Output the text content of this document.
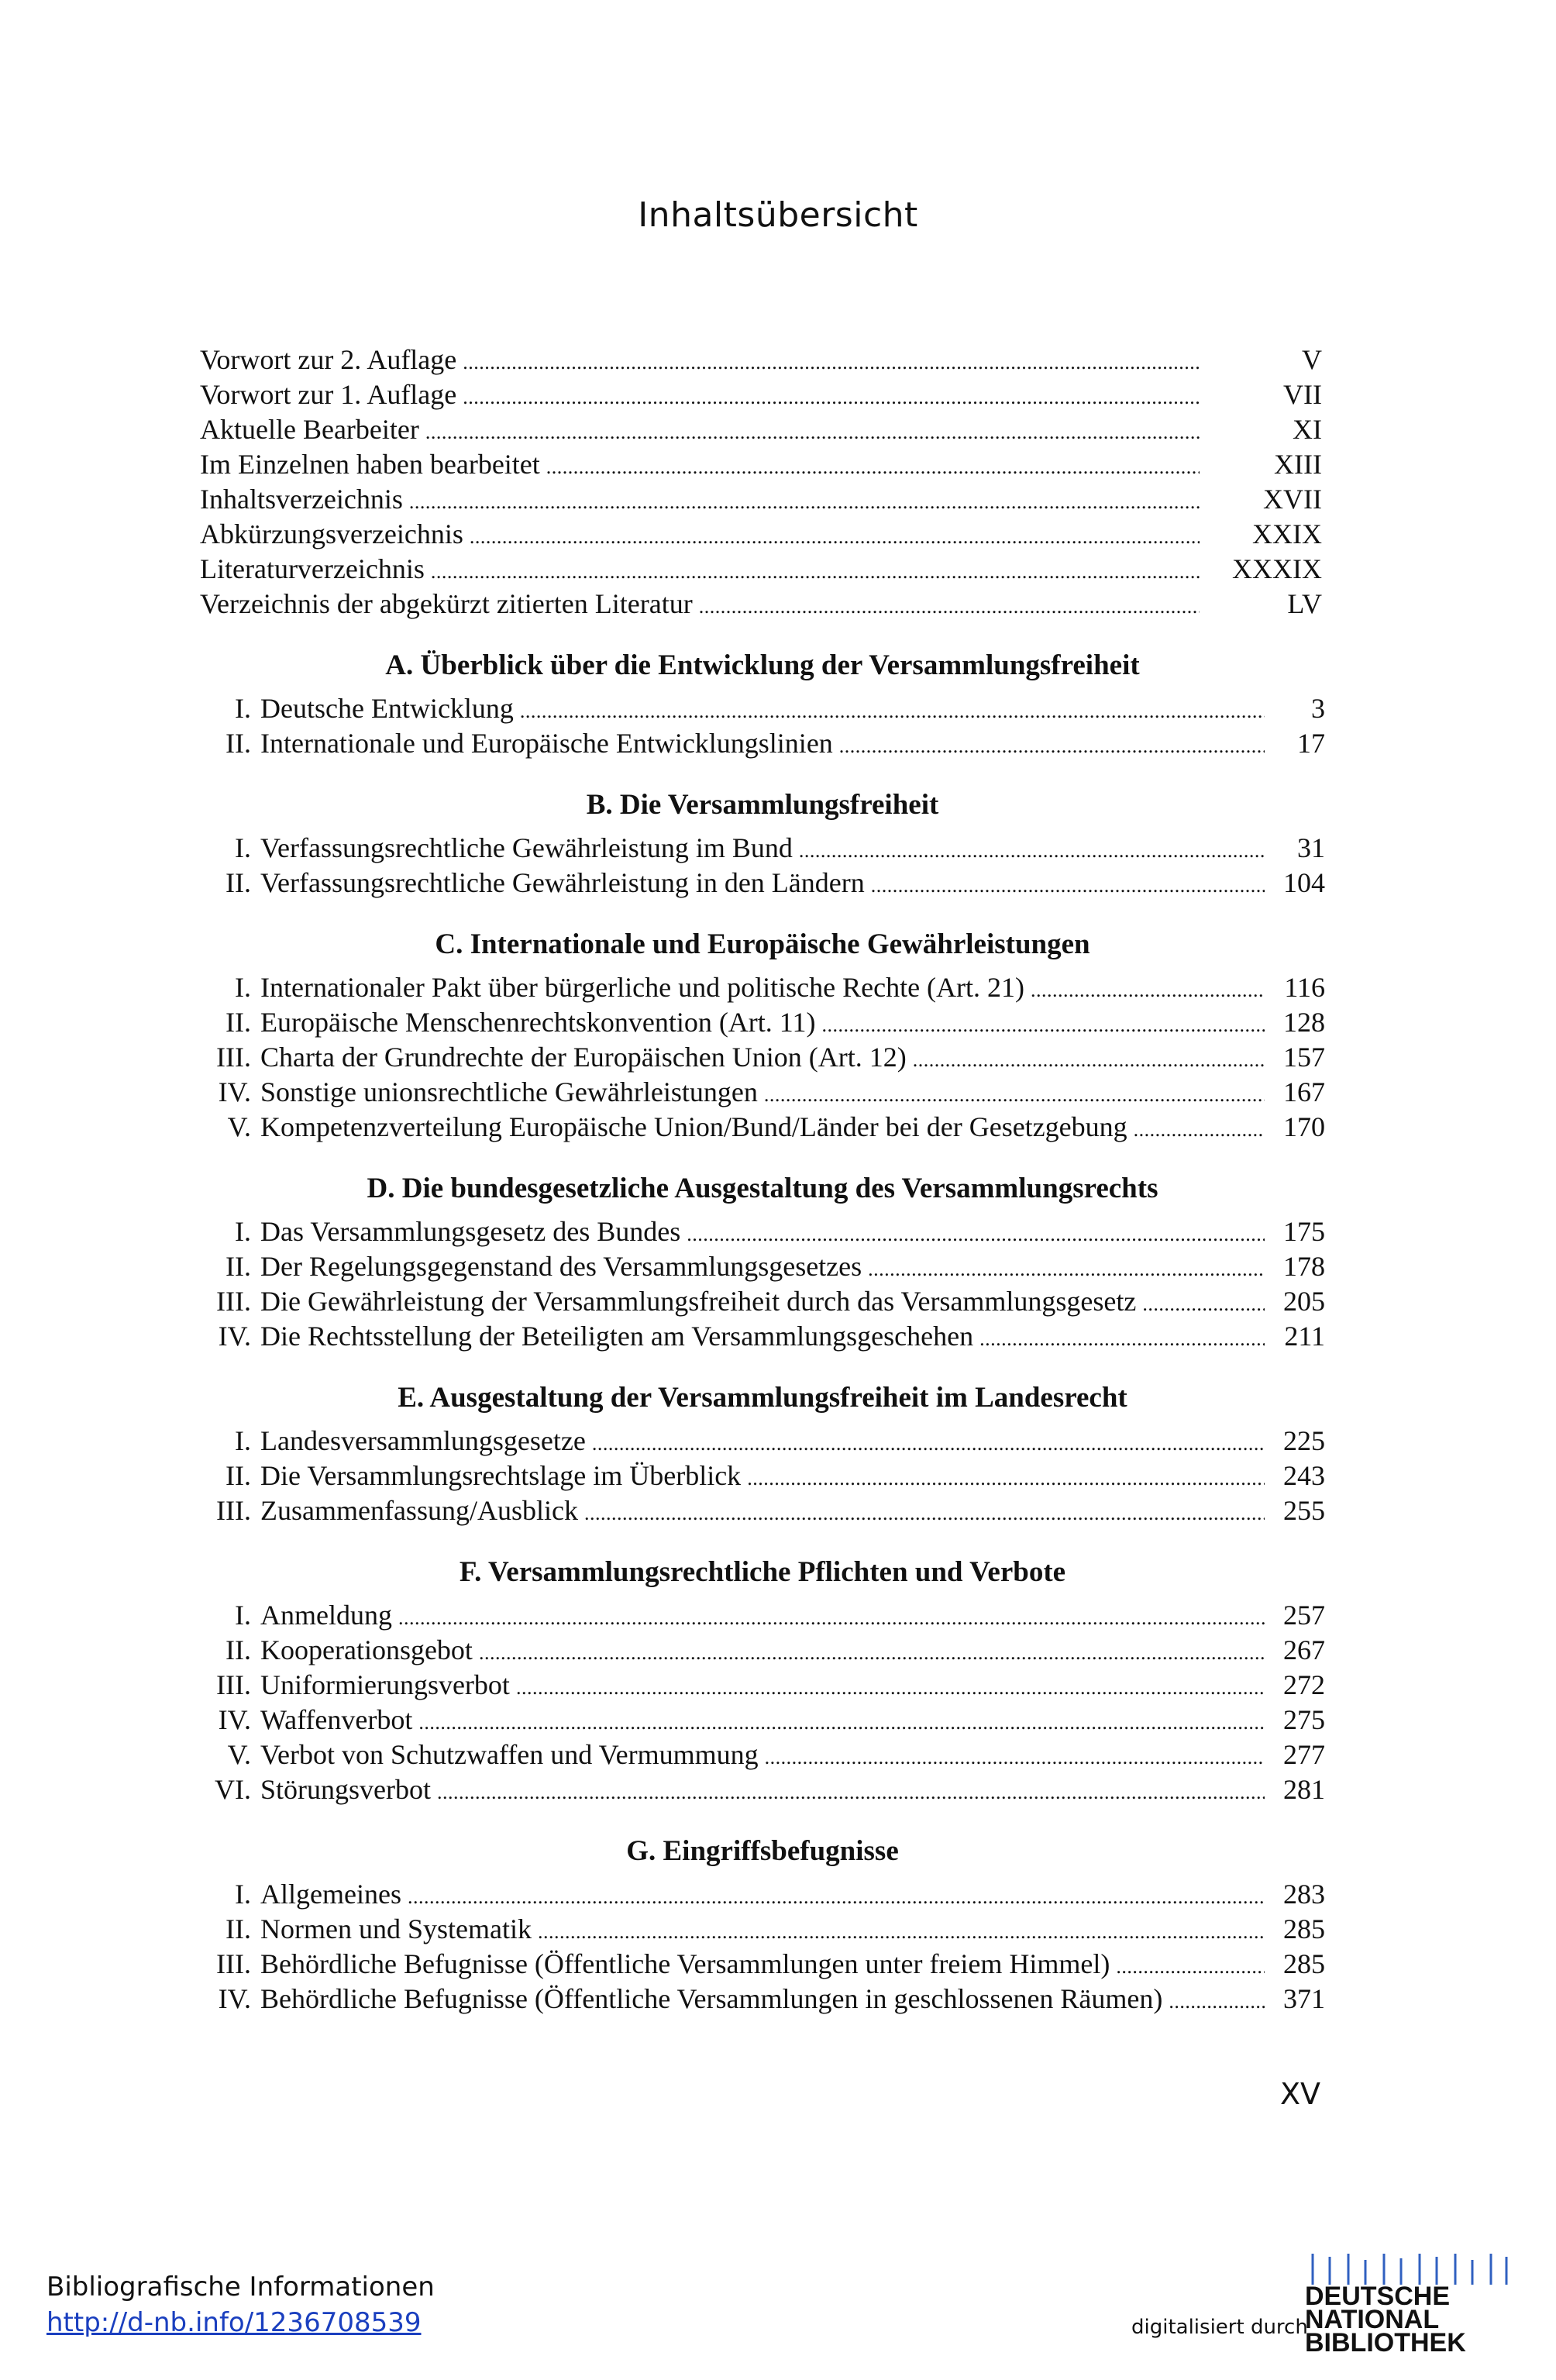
Inhaltsübersicht
Vorwort zur 2. Auflage . . .	V
Vorwort zur 1. Auflage . . .	VII
Aktuelle Bearbeiter . . .	XI
Im Einzelnen haben bearbeitet . . .	XIII
Inhaltsverzeichnis . . .	XVII
Abkürzungsverzeichnis . . .	XXIX
Literaturverzeichnis . . .	XXXIX
Verzeichnis der abgekürzt zitierten Literatur . . .	LV
A. Überblick über die Entwicklung der Versammlungsfreiheit
I. Deutsche Entwicklung . . .	3
II. Internationale und Europäische Entwicklungslinien . . .	17
B. Die Versammlungsfreiheit
I. Verfassungsrechtliche Gewährleistung im Bund . . .	31
II. Verfassungsrechtliche Gewährleistung in den Ländern . . .	104
C. Internationale und Europäische Gewährleistungen
I. Internationaler Pakt über bürgerliche und politische Rechte (Art. 21) . . .	116
II. Europäische Menschenrechtskonvention (Art. 11) . . .	128
III. Charta der Grundrechte der Europäischen Union (Art. 12) . . .	157
IV. Sonstige unionsrechtliche Gewährleistungen . . .	167
V. Kompetenzverteilung Europäische Union/Bund/Länder bei der Gesetzgebung . . .	170
D. Die bundesgesetzliche Ausgestaltung des Versammlungsrechts
I. Das Versammlungsgesetz des Bundes . . .	175
II. Der Regelungsgegenstand des Versammlungsgesetzes . . .	178
III. Die Gewährleistung der Versammlungsfreiheit durch das Versammlungsgesetz . . .	205
IV. Die Rechtsstellung der Beteiligten am Versammlungsgeschehen . . .	211
E. Ausgestaltung der Versammlungsfreiheit im Landesrecht
I. Landesversammlungsgesetze . . .	225
II. Die Versammlungsrechtslage im Überblick . . .	243
III. Zusammenfassung/Ausblick . . .	255
F. Versammlungsrechtliche Pflichten und Verbote
I. Anmeldung . . .	257
II. Kooperationsgebot . . .	267
III. Uniformierungsverbot . . .	272
IV. Waffenverbot . . .	275
V. Verbot von Schutzwaffen und Vermummung . . .	277
VI. Störungsverbot . . .	281
G. Eingriffsbefugnisse
I. Allgemeines . . .	283
II. Normen und Systematik . . .	285
III. Behördliche Befugnisse (Öffentliche Versammlungen unter freiem Himmel) . . .	285
IV. Behördliche Befugnisse (Öffentliche Versammlungen in geschlossenen Räumen) . . .	371
XV
Bibliografische Informationen
http://d-nb.info/1236708539	digitalisiert durch
DEUTSCHE
NATIONAL
BIBLIOTHEK
